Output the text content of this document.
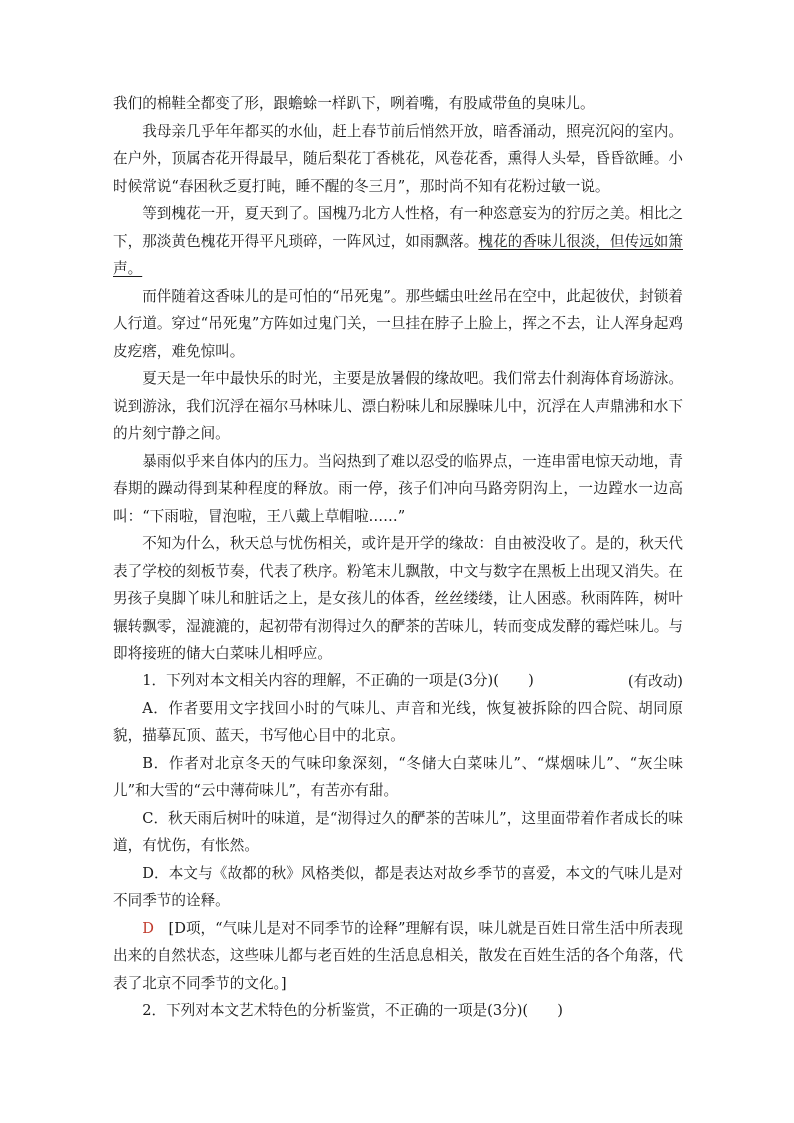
我们的棉鞋全都变了形，跟蟾蜍一样趴下，咧着嘴，有股咸带鱼的臭味儿。

我母亲几乎年年都买的水仙，赶上春节前后悄然开放，暗香涌动，照亮沉闷的室内。在户外，顶属杏花开得最早，随后梨花丁香桃花，风卷花香，熏得人头晕，昏昏欲睡。小时候常说“春困秋乏夏打盹，睡不醒的冬三月”，那时尚不知有花粉过敏一说。

等到槐花一开，夏天到了。国槐乃北方人性格，有一种恣意妄为的狞厉之美。相比之下，那淡黄色槐花开得平凡琐碎，一阵风过，如雨飘落。槐花的香味儿很淡，但传远如箫声。

而伴随着这香味儿的是可怕的“吊死鬼”。那些蠕虫吐丝吊在空中，此起彼伏，封锁着人行道。穿过“吊死鬼”方阵如过鬼门关，一旦挂在脖子上脸上，挥之不去，让人浑身起鸡皮疙瘩，难免惊叫。

夏天是一年中最快乐的时光，主要是放暑假的缘故吧。我们常去什刹海体育场游泳。说到游泳，我们沉浮在福尔马林味儿、漂白粉味儿和尿臊味儿中，沉浮在人声鼎沸和水下的片刻宁静之间。

暴雨似乎来自体内的压力。当闷热到了难以忍受的临界点，一连串雷电惊天动地，青春期的躁动得到某种程度的释放。雨一停，孩子们冲向马路旁阴沟上，一边蹚水一边高叫：“下雨啦，冒泡啦，王八戴上草帽啦……”

不知为什么，秋天总与忧伤相关，或许是开学的缘故：自由被没收了。是的，秋天代表了学校的刻板节奏，代表了秩序。粉笔末儿飘散，中文与数字在黑板上出现又消失。在男孩子臭脚丫味儿和脏话之上，是女孩儿的体香，丝丝缕缕，让人困惑。秋雨阵阵，树叶辗转飘零，湿漉漉的，起初带有沏得过久的酽茶的苦味儿，转而变成发酵的霉烂味儿。与即将接班的储大白菜味儿相呼应。

(有改动)

1．下列对本文相关内容的理解，不正确的一项是(3分)(　　)

A．作者要用文字找回小时的气味儿、声音和光线，恢复被拆除的四合院、胡同原貌，描摹瓦顶、蓝天，书写他心目中的北京。

B．作者对北京冬天的气味印象深刻，“冬储大白菜味儿”、“煤烟味儿”、“灰尘味儿”和大雪的“云中薄荷味儿”，有苦亦有甜。

C．秋天雨后树叶的味道，是“沏得过久的酽茶的苦味儿”，这里面带着作者成长的味道，有忧伤，有怅然。

D．本文与《故都的秋》风格类似，都是表达对故乡季节的喜爱，本文的气味儿是对不同季节的诠释。

D　 [D项，“气味儿是对不同季节的诠释”理解有误，味儿就是百姓日常生活中所表现出来的自然状态，这些味儿都与老百姓的生活息息相关，散发在百姓生活的各个角落，代表了北京不同季节的文化。]

2．下列对本文艺术特色的分析鉴赏，不正确的一项是(3分)(　　)
